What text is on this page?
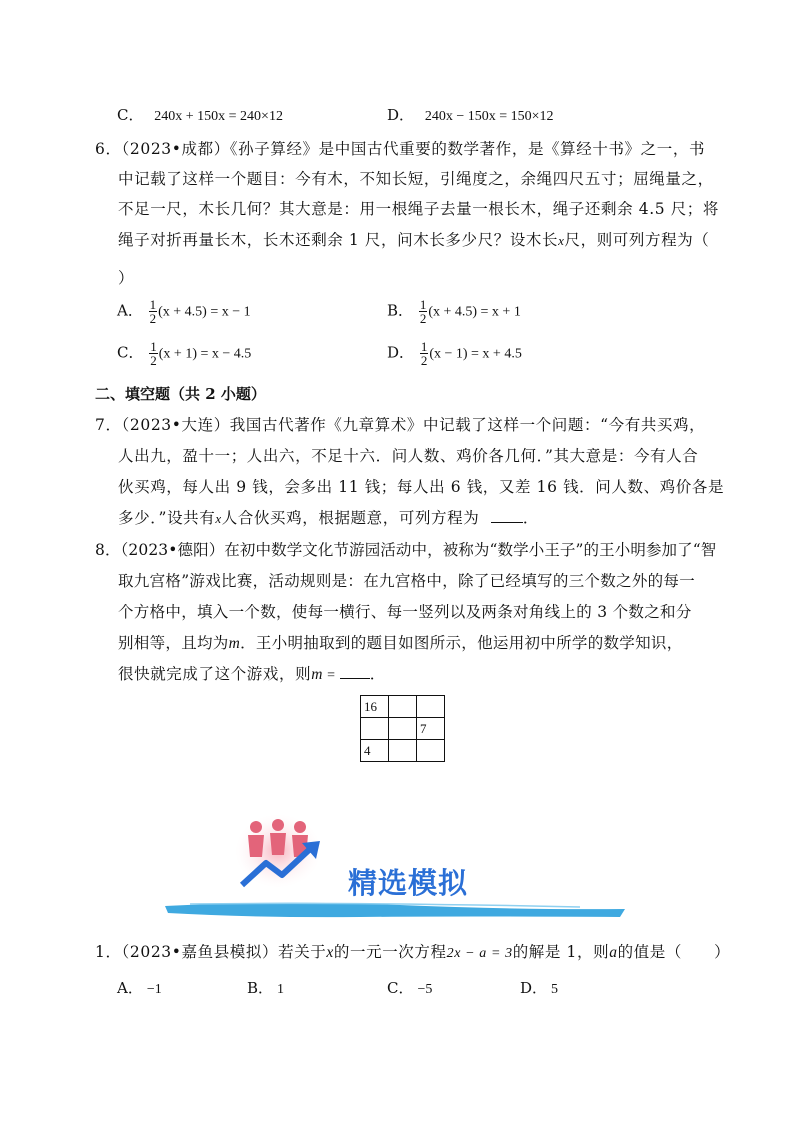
C． 240x + 150x = 240×12	D． 240x − 150x = 150×12
6．（2023•成都）《孙子算经》是中国古代重要的数学著作，是《算经十书》之一，书
中记载了这样一个题目：今有木，不知长短，引绳度之，余绳四尺五寸；屈绳量之，
不足一尺，木长几何？其大意是：用一根绳子去量一根长木，绳子还剩余 4.5 尺；将
绳子对折再量长木，长木还剩余 1 尺，问木长多少尺？设木长x尺，则可列方程为（
）
A． $\frac{1}{2} (x + 4.5) = x - 1$	B． $\frac{1}{2} (x + 4.5) = x + 1$
C． $\frac{1}{2} (x + 1) = x - 4.5$	D． $\frac{1}{2} (x - 1) = x + 4.5$
二、填空题（共 2 小题）
7．（2023•大连）我国古代著作《九章算术》中记载了这样一个问题：“今有共买鸡，
人出九，盈十一；人出六，不足十六．问人数、鸡价各几何．”其大意是：今有人合
伙买鸡，每人出 9 钱，会多出 11 钱；每人出 6 钱，又差 16 钱．问人数、鸡价各是
多少．”设共有x人合伙买鸡，根据题意，可列方程为	．
8．（2023•德阳）在初中数学文化节游园活动中，被称为“数学小王子”的王小明参加了“智
取九宫格”游戏比赛，活动规则是：在九宫格中，除了已经填写的三个数之外的每一
个方格中，填入一个数，使每一横行、每一竖列以及两条对角线上的 3 个数之和分
别相等，且均为m．王小明抽取到的题目如图所示，他运用初中所学的数学知识，
很快就完成了这个游戏，则m = ．
16		
		7
4		
精选模拟
1．（2023•嘉鱼县模拟）若关于x的一元一次方程2x − a = 3的解是 1，则a的值是（　　）
A． −1	B． 1	C． −5	D． 5
